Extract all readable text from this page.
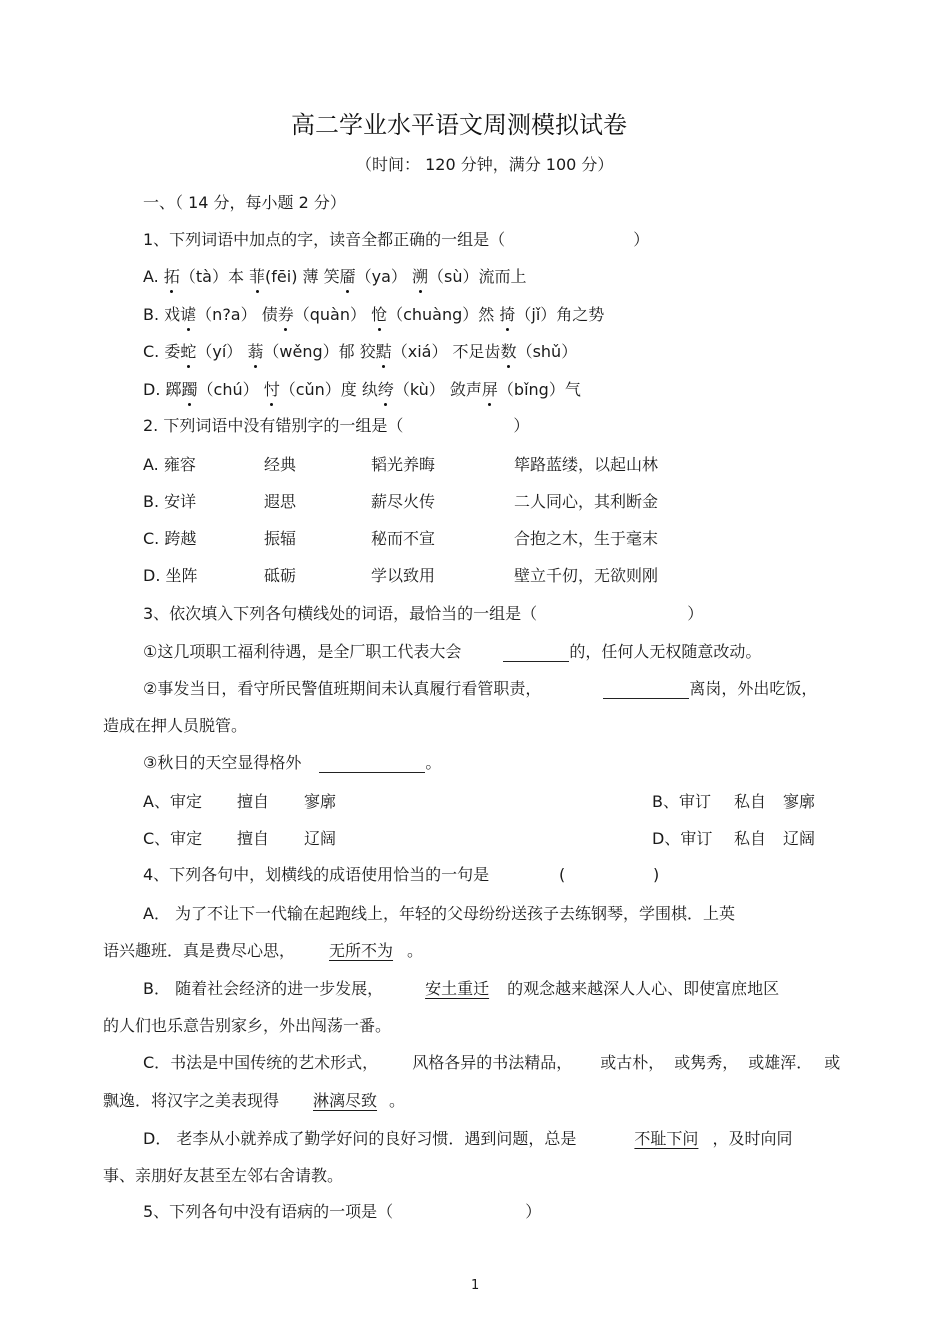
高二学业水平语文周测模拟试卷
（时间： 120 分钟，满分 100 分）
一、（ 14 分，每小题 2 分）
1、下列词语中加点的字，读音全都正确的一组是（	）
A. 拓（tà）本 菲(fēi) 薄 笑靥（ya） 溯（sù）流而上
B. 戏谑（n?a） 债券（quàn） 怆（chuàng）然 掎（jǐ）角之势
C. 委蛇（yí） 蓊（wěng）郁 狡黠（xiá） 不足齿数（shǔ）
D. 踯躅（chú） 忖（cǔn）度 纨绔（kù） 敛声屏（bǐng）气
2. 下列词语中没有错别字的一组是（	）
A. 雍容	经典	韬光养晦	筚路蓝缕，以起山林
B. 安详	遐思	薪尽火传	二人同心，其利断金
C. 跨越	振辐	秘而不宣	合抱之木，生于毫末
D. 坐阵	砥砺	学以致用	壁立千仞，无欲则刚
3、依次填入下列各句横线处的词语，最恰当的一组是（	）
①这几项职工福利待遇，是全厂职工代表大会	的，任何人无权随意改动。
②事发当日，看守所民警值班期间未认真履行看管职责，	离岗，外出吃饭，
造成在押人员脱管。
③秋日的天空显得格外	。
A、审定 擅自 寥廓	B、审订 私自 寥廓
C、审定 擅自 辽阔	D、审订 私自 辽阔
4、下列各句中，划横线的成语使用恰当的一句是	(	)
A． 为了不让下一代输在起跑线上，年轻的父母纷纷送孩子去练钢琴，学围棋．上英
语兴趣班．真是费尽心思， 无所不为 。
B． 随着社会经济的进一步发展，	安土重迁 的观念越来越深人人心、即使富庶地区
的人们也乐意告别家乡，外出闯荡一番。
C．书法是中国传统的艺术形式， 风格各异的书法精品， 或古朴， 或隽秀， 或雄浑． 或
飘逸．将汉字之美表现得 淋漓尽致 。
D． 老李从小就养成了勤学好问的良好习惯．遇到问题，总是	不耻下问 ，及时向同
事、亲朋好友甚至左邻右舍请教。
5、下列各句中没有语病的一项是（	）
1
